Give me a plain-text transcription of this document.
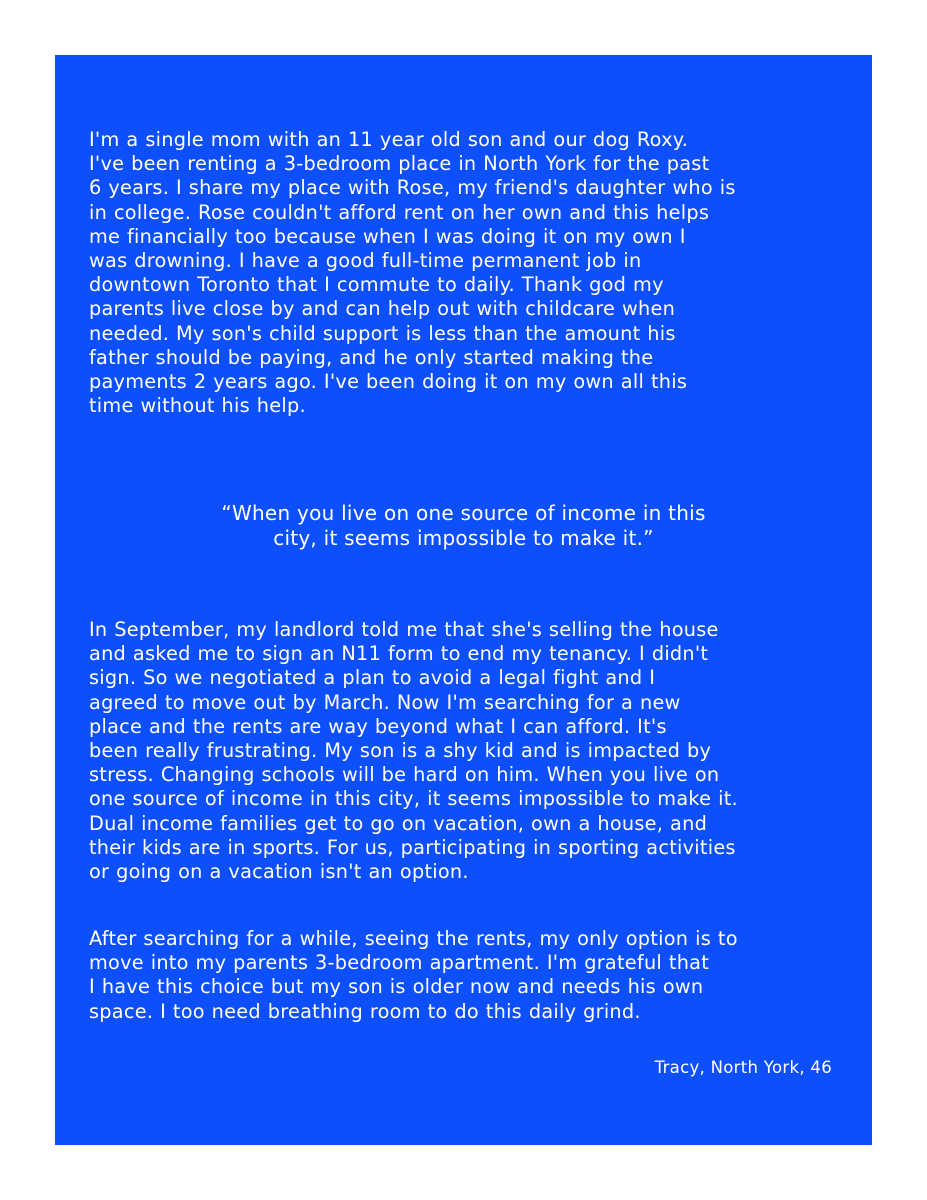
I'm a single mom with an 11 year old son and our dog Roxy.
I've been renting a 3-bedroom place in North York for the past
6 years. I share my place with Rose, my friend's daughter who is
in college. Rose couldn't afford rent on her own and this helps
me financially too because when I was doing it on my own I
was drowning. I have a good full-time permanent job in
downtown Toronto that I commute to daily. Thank god my
parents live close by and can help out with childcare when
needed. My son's child support is less than the amount his
father should be paying, and he only started making the
payments 2 years ago. I've been doing it on my own all this
time without his help.

“When you live on one source of income in this
city, it seems impossible to make it.”

In September, my landlord told me that she's selling the house
and asked me to sign an N11 form to end my tenancy. I didn't
sign. So we negotiated a plan to avoid a legal fight and I
agreed to move out by March. Now I'm searching for a new
place and the rents are way beyond what I can afford. It's
been really frustrating. My son is a shy kid and is impacted by
stress. Changing schools will be hard on him. When you live on
one source of income in this city, it seems impossible to make it.
Dual income families get to go on vacation, own a house, and
their kids are in sports. For us, participating in sporting activities
or going on a vacation isn't an option.

After searching for a while, seeing the rents, my only option is to
move into my parents 3-bedroom apartment. I'm grateful that
I have this choice but my son is older now and needs his own
space. I too need breathing room to do this daily grind.

Tracy, North York, 46
